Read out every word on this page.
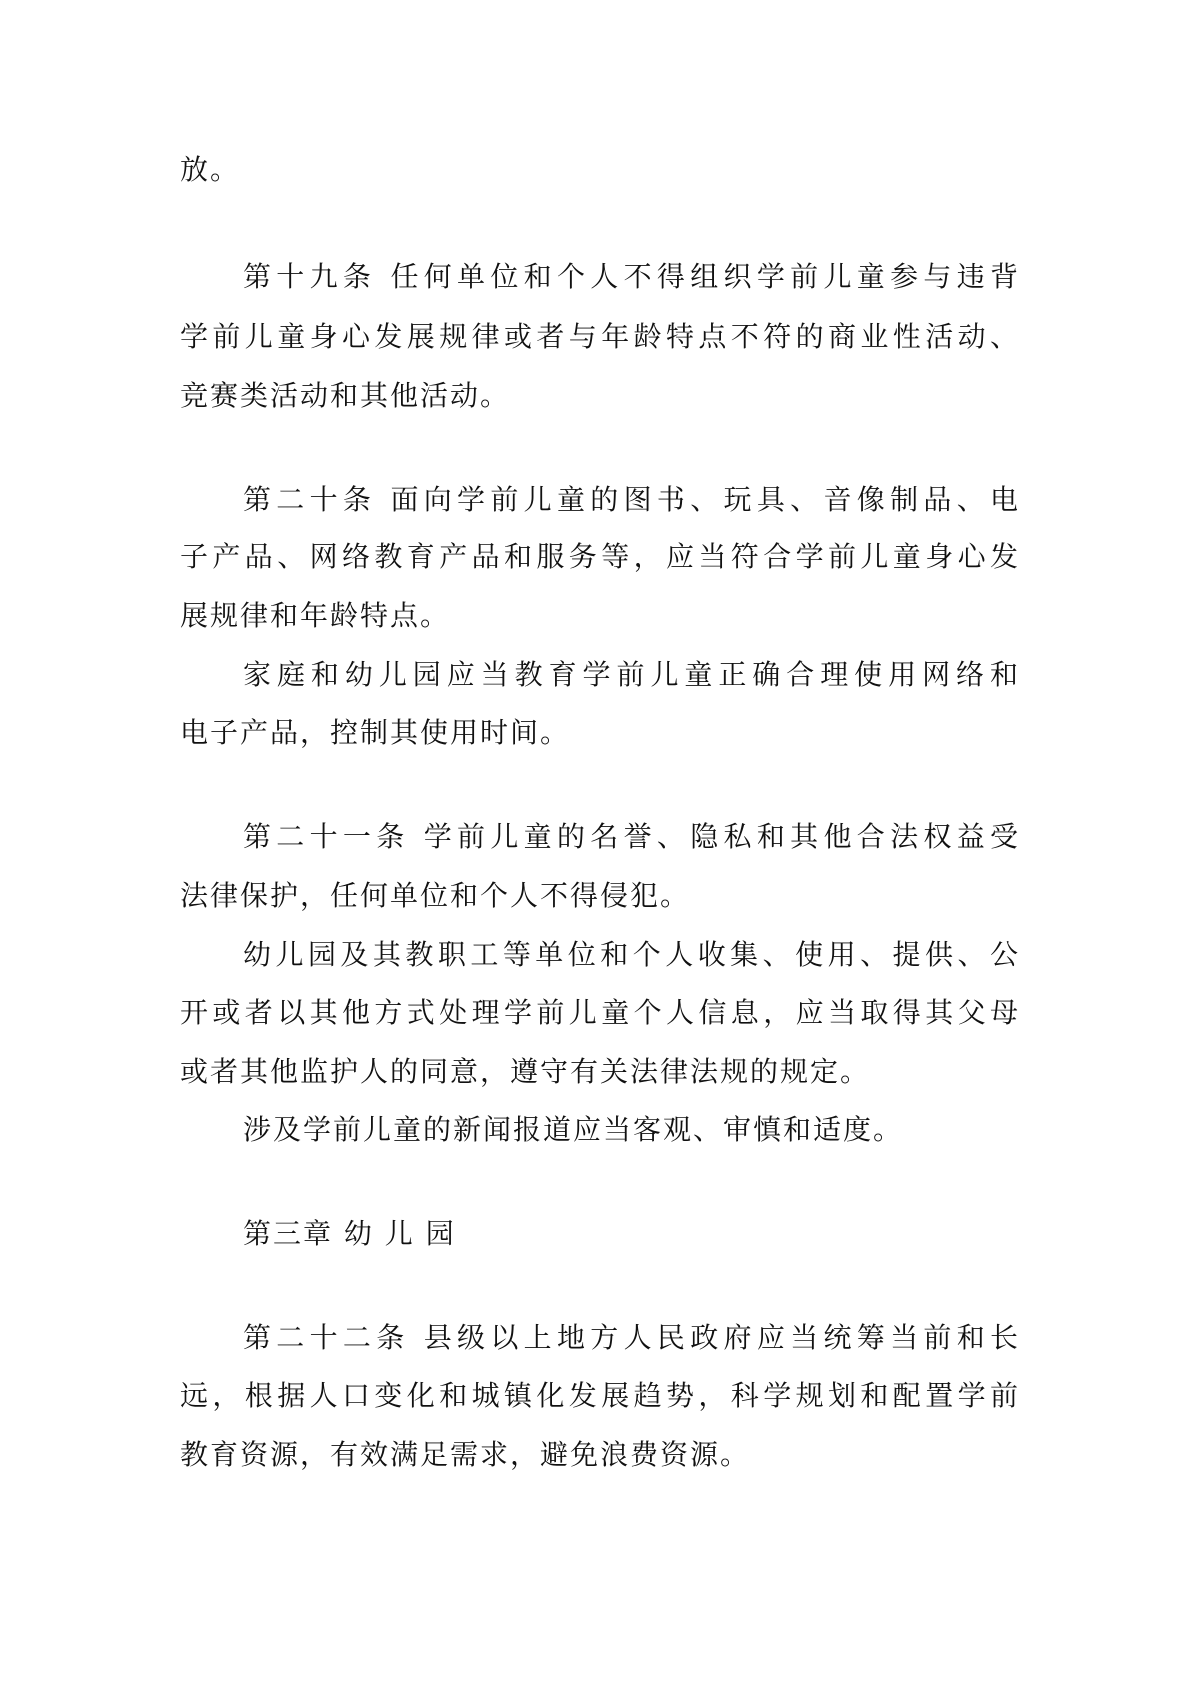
放。
第十九条 任何单位和个人不得组织学前儿童参与违背
学前儿童身心发展规律或者与年龄特点不符的商业性活动、
竞赛类活动和其他活动。
第二十条 面向学前儿童的图书、玩具、音像制品、电
子产品、网络教育产品和服务等，应当符合学前儿童身心发
展规律和年龄特点。
家庭和幼儿园应当教育学前儿童正确合理使用网络和
电子产品，控制其使用时间。
第二十一条 学前儿童的名誉、隐私和其他合法权益受
法律保护，任何单位和个人不得侵犯。
幼儿园及其教职工等单位和个人收集、使用、提供、公
开或者以其他方式处理学前儿童个人信息，应当取得其父母
或者其他监护人的同意，遵守有关法律法规的规定。
涉及学前儿童的新闻报道应当客观、审慎和适度。
第三章 幼 儿 园
第二十二条 县级以上地方人民政府应当统筹当前和长
远，根据人口变化和城镇化发展趋势，科学规划和配置学前
教育资源，有效满足需求，避免浪费资源。
